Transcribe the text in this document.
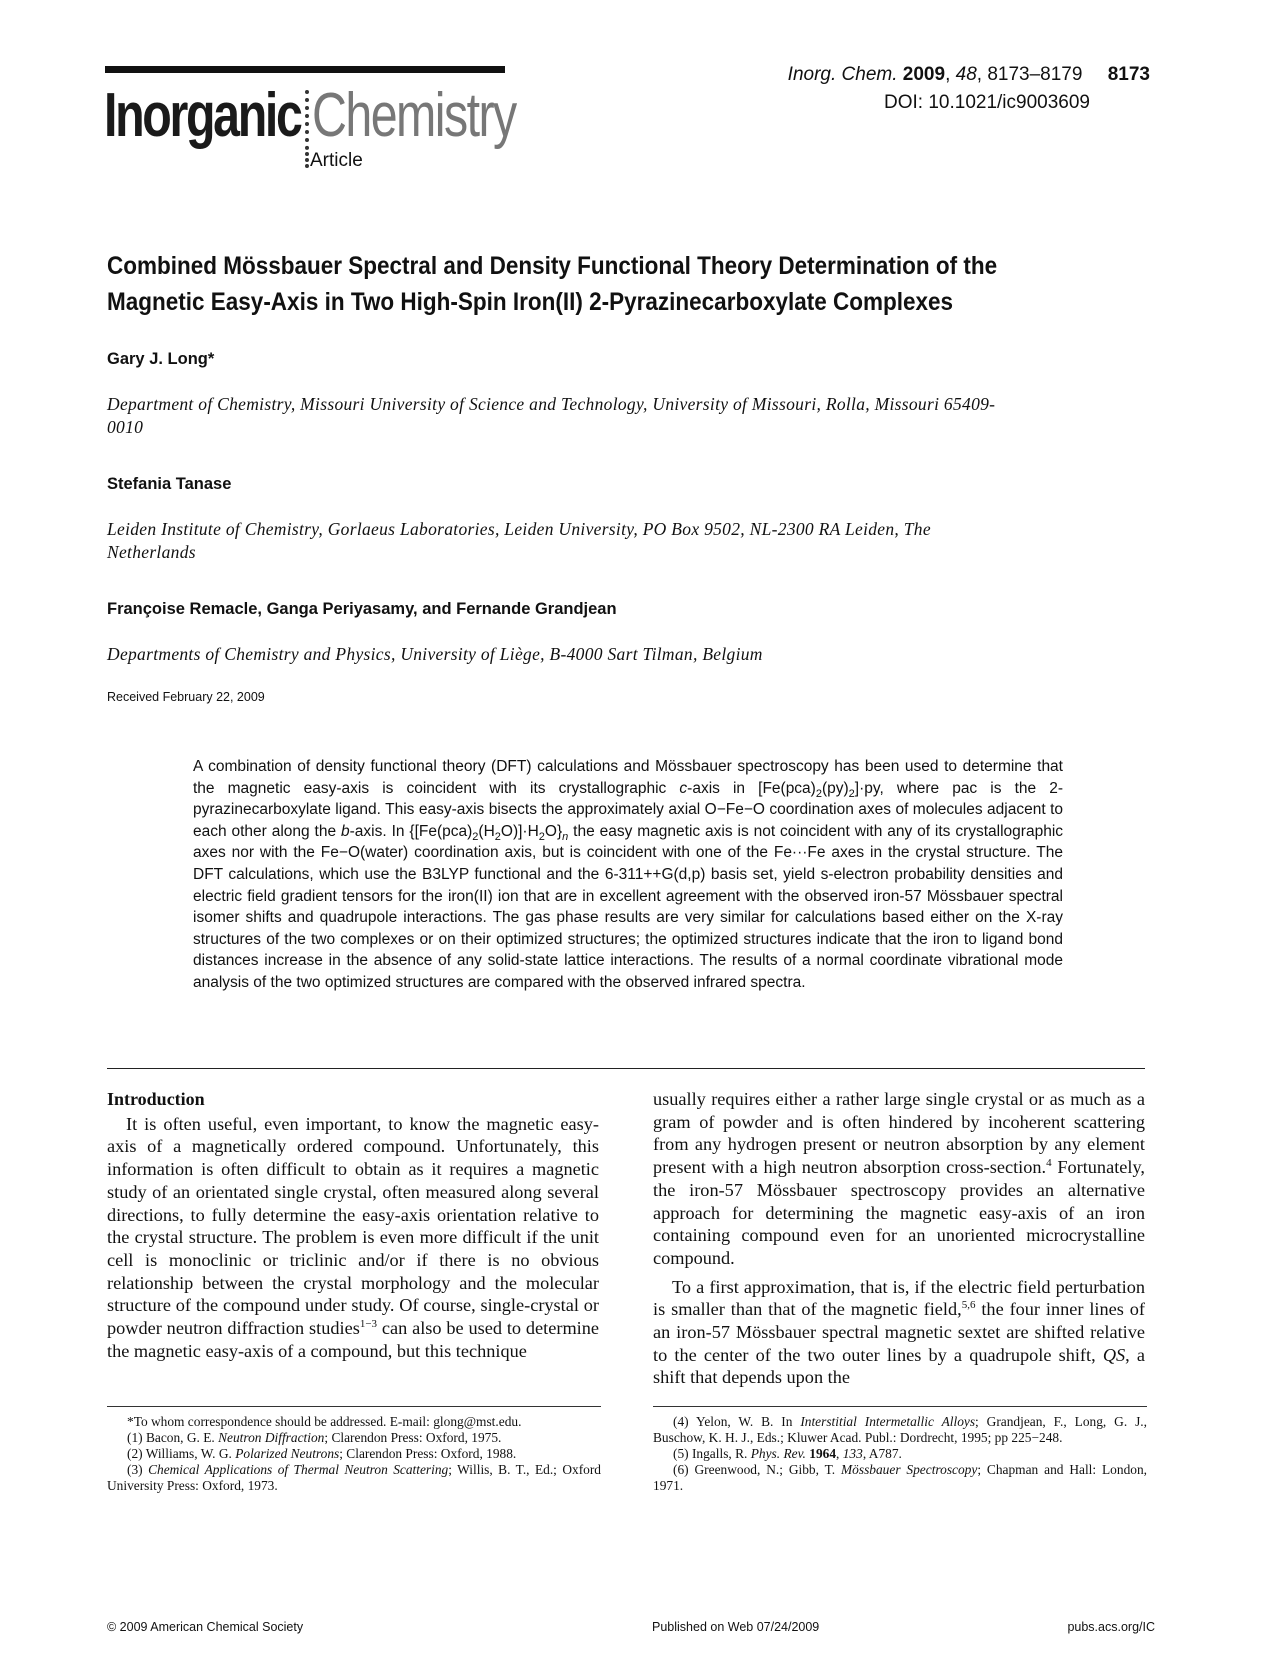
Inorganic Chemistry
Article
Inorg. Chem. 2009, 48, 8173–8179 8173
DOI: 10.1021/ic9003609
Combined Mössbauer Spectral and Density Functional Theory Determination of the Magnetic Easy-Axis in Two High-Spin Iron(II) 2-Pyrazinecarboxylate Complexes
Gary J. Long*
Department of Chemistry, Missouri University of Science and Technology, University of Missouri, Rolla, Missouri 65409-0010
Stefania Tanase
Leiden Institute of Chemistry, Gorlaeus Laboratories, Leiden University, PO Box 9502, NL-2300 RA Leiden, The Netherlands
Françoise Remacle, Ganga Periyasamy, and Fernande Grandjean
Departments of Chemistry and Physics, University of Liège, B-4000 Sart Tilman, Belgium
Received February 22, 2009
A combination of density functional theory (DFT) calculations and Mössbauer spectroscopy has been used to determine that the magnetic easy-axis is coincident with its crystallographic c-axis in $[Fe(pca)_2(py)_2]\cdot py$, where pac is the 2-pyrazinecarboxylate ligand. This easy-axis bisects the approximately axial O−Fe−O coordination axes of molecules adjacent to each other along the b-axis. In $\{[Fe(pca)_2(H_2O)]\cdot H_2O\}_n$ the easy magnetic axis is not coincident with any of its crystallographic axes nor with the Fe−O(water) coordination axis, but is coincident with one of the Fe···Fe axes in the crystal structure. The DFT calculations, which use the B3LYP functional and the 6-311++G(d,p) basis set, yield s-electron probability densities and electric field gradient tensors for the iron(II) ion that are in excellent agreement with the observed iron-57 Mössbauer spectral isomer shifts and quadrupole interactions. The gas phase results are very similar for calculations based either on the X-ray structures of the two complexes or on their optimized structures; the optimized structures indicate that the iron to ligand bond distances increase in the absence of any solid-state lattice interactions. The results of a normal coordinate vibrational mode analysis of the two optimized structures are compared with the observed infrared spectra.
Introduction

It is often useful, even important, to know the magnetic easy-axis of a magnetically ordered compound. Unfortunately, this information is often difficult to obtain as it requires a magnetic study of an orientated single crystal, often measured along several directions, to fully determine the easy-axis orientation relative to the crystal structure. The problem is even more difficult if the unit cell is monoclinic or triclinic and/or if there is no obvious relationship between the crystal morphology and the molecular structure of the compound under study. Of course, single-crystal or powder neutron diffraction studies$^{1-3}$ can also be used to determine the magnetic easy-axis of a compound, but this technique

usually requires either a rather large single crystal or as much as a gram of powder and is often hindered by incoherent scattering from any hydrogen present or neutron absorption by any element present with a high neutron absorption cross-section.$^4$ Fortunately, the iron-57 Mössbauer spectroscopy provides an alternative approach for determining the magnetic easy-axis of an iron containing compound even for an unoriented microcrystalline compound.

To a first approximation, that is, if the electric field perturbation is smaller than that of the magnetic field,$^{5,6}$ the four inner lines of an iron-57 Mössbauer spectral magnetic sextet are shifted relative to the center of the two outer lines by a quadrupole shift, QS, a shift that depends upon the

*To whom correspondence should be addressed. E-mail: glong@mst.edu.
(1) Bacon, G. E. Neutron Diffraction; Clarendon Press: Oxford, 1975.
(2) Williams, W. G. Polarized Neutrons; Clarendon Press: Oxford, 1988.
(3) Chemical Applications of Thermal Neutron Scattering; Willis, B. T., Ed.; Oxford University Press: Oxford, 1973.
(4) Yelon, W. B. In Interstitial Intermetallic Alloys; Grandjean, F., Long, G. J., Buschow, K. H. J., Eds.; Kluwer Acad. Publ.: Dordrecht, 1995; pp 225−248.
(5) Ingalls, R. Phys. Rev. 1964, 133, A787.
(6) Greenwood, N.; Gibb, T. Mössbauer Spectroscopy; Chapman and Hall: London, 1971.
© 2009 American Chemical Society	Published on Web 07/24/2009	pubs.acs.org/IC
